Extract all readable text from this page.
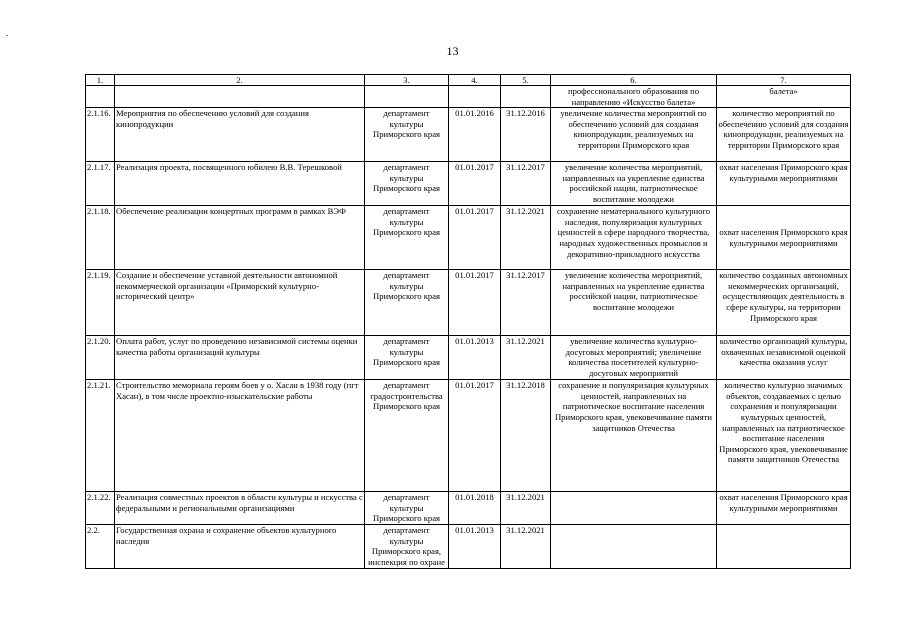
.
13
1.	2.	3.	4.	5.	6.	7.
					профессионального образования по направлению «Искусство балета»	балета»
2.1.16.	Мероприятия по обеспечению условий для создания кинопродукции	департамент культуры Приморского края	01.01.2016	31.12.2016	увеличение количества мероприятий по обеспечению условий для создания кинопродукции, реализуемых на территории Приморского края	количество мероприятий по обеспечению условий для создания кинопродукции, реализуемых на территории Приморского края
2.1.17.	Реализация проекта, посвященного юбилею В.В. Терешковой	департамент культуры Приморского края	01.01.2017	31.12.2017	увеличение количества мероприятий, направленных на укрепление единства российской нации, патриотическое воспитание молодежи	охват населения Приморского края культурными мероприятиями
2.1.18.	Обеспечение реализации концертных программ в рамках ВЭФ	департамент культуры Приморского края	01.01.2017	31.12.2021	сохранение нематериального культурного наследия, популяризация культурных ценностей в сфере народного творчества, народных художественных промыслов и декоративно-прикладного искусства	охват населения Приморского края культурными мероприятиями
2.1.19.	Создание и обеспечение уставной деятельности автономной некоммерческой организации «Приморский культурно-исторический центр»	департамент культуры Приморского края	01.01.2017	31.12.2017	увеличение количества мероприятий, направленных на укрепление единства российской нации, патриотическое воспитание молодежи	количество созданных автономных некоммерческих организаций, осуществляющих деятельность в сфере культуры, на территории Приморского края
2.1.20.	Оплата работ, услуг по проведению независимой системы оценки качества работы организаций культуры	департамент культуры Приморского края	01.01.2013	31.12.2021	увеличение количества культурно-досуговых мероприятий; увеличение количества посетителей культурно-досуговых мероприятий	количество организаций культуры, охваченных независимой оценкой качества оказания услуг
2.1.21.	Строительство мемориала героям боев у о. Хасан в 1938 году (пгт Хасан), в том числе проектно-изыскательские работы	департамент градостроительства Приморского края	01.01.2017	31.12.2018	сохранение и популяризация культурных ценностей, направленных на патриотическое воспитание населения Приморского края, увековечивание памяти защитников Отечества	количество культурно значимых объектов, создаваемых с целью сохранения и популяризации культурных ценностей, направленных на патриотическое воспитание населения Приморского края, увековечивание памяти защитников Отечества
2.1.22.	Реализация совместных проектов в области культуры и искусства с федеральными и региональными организациями	департамент культуры Приморского края	01.01.2018	31.12.2021		охват населения Приморского края культурными мероприятиями
2.2.	Государственная охрана и сохранение объектов культурного наследия	департамент культуры Приморского края, инспекция по охране	01.01.2013	31.12.2021		
